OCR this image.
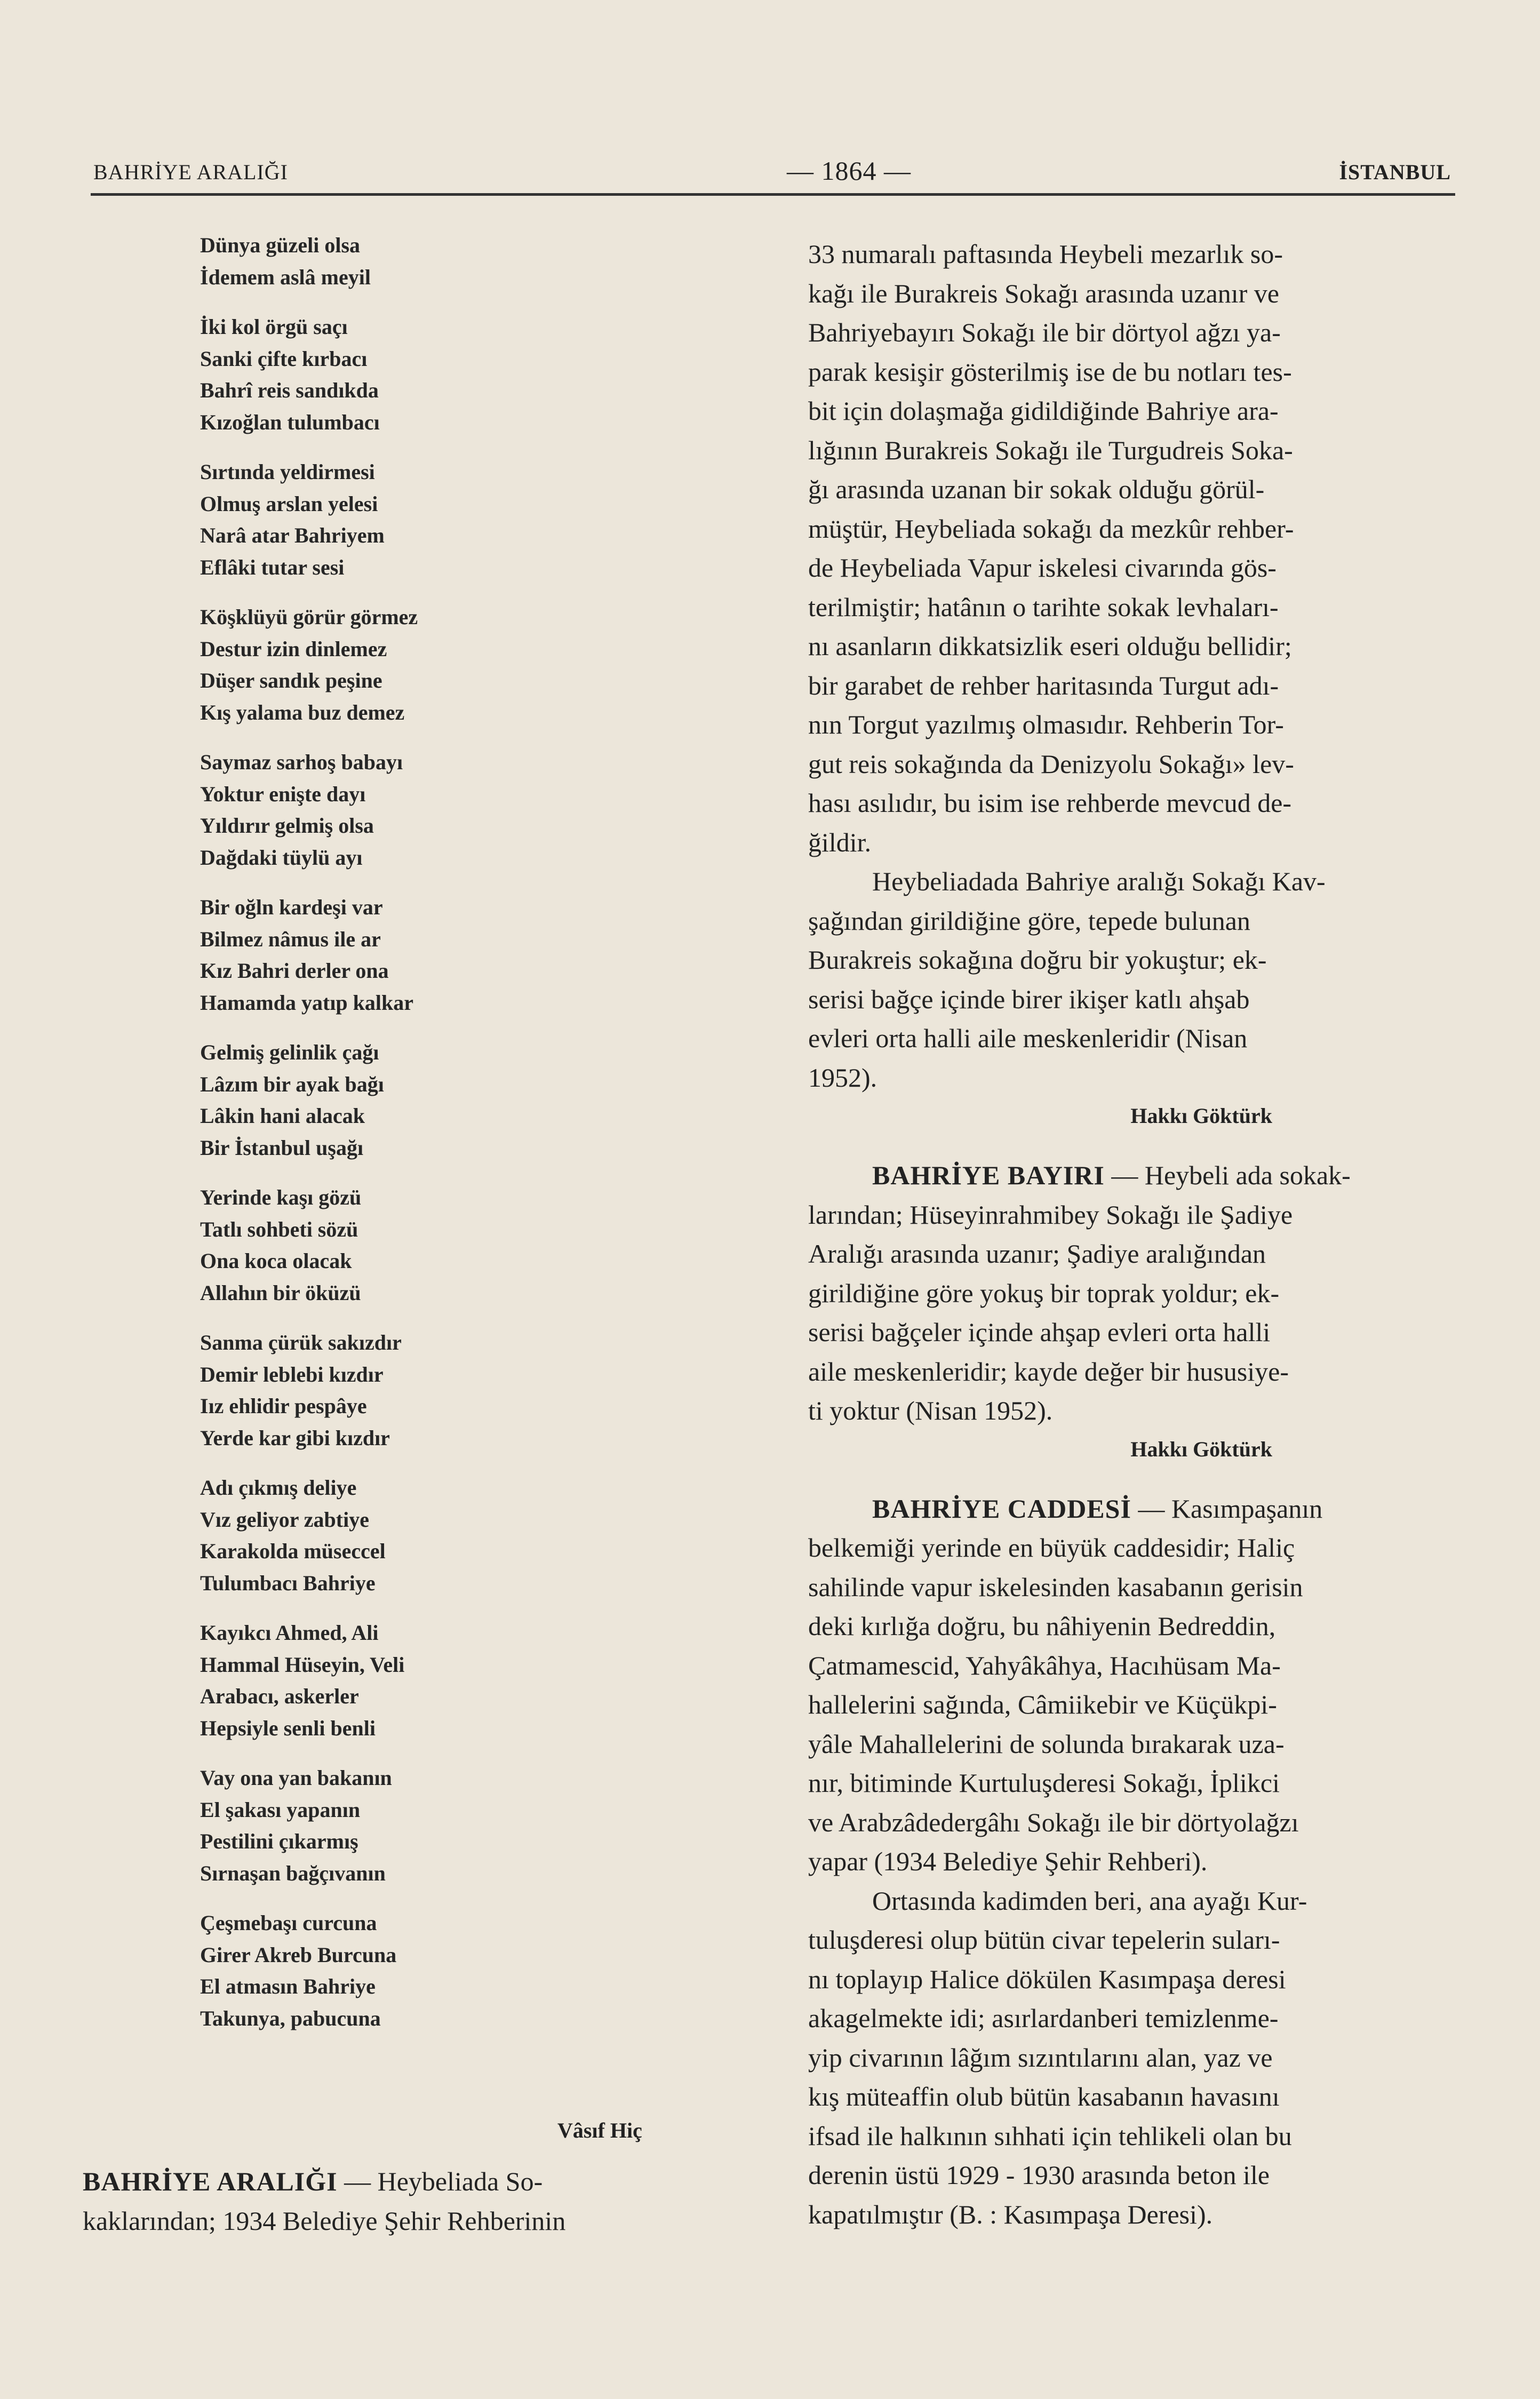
BAHRİYE ARALIĞI	— 1864 —	İSTANBUL
Dünya güzeli olsa
İdemem aslâ meyil
İki kol örgü saçı
Sanki çifte kırbacı
Bahrî reis sandıkda
Kızoğlan tulumbacı
Sırtında yeldirmesi
Olmuş arslan yelesi
Narâ atar Bahriyem
Eflâki tutar sesi
Köşklüyü görür görmez
Destur izin dinlemez
Düşer sandık peşine
Kış yalama buz demez
Saymaz sarhoş babayı
Yoktur enişte dayı
Yıldırır gelmiş olsa
Dağdaki tüylü ayı
Bir oğln kardeşi var
Bilmez nâmus ile ar
Kız Bahri derler ona
Hamamda yatıp kalkar
Gelmiş gelinlik çağı
Lâzım bir ayak bağı
Lâkin hani alacak
Bir İstanbul uşağı
Yerinde kaşı gözü
Tatlı sohbeti sözü
Ona koca olacak
Allahın bir öküzü
Sanma çürük sakızdır
Demir leblebi kızdır
Iız ehlidir pespâye
Yerde kar gibi kızdır
Adı çıkmış deliye
Vız geliyor zabtiye
Karakolda müseccel
Tulumbacı Bahriye
Kayıkcı Ahmed, Ali
Hammal Hüseyin, Veli
Arabacı, askerler
Hepsiyle senli benli
Vay ona yan bakanın
El şakası yapanın
Pestilini çıkarmış
Sırnaşan bağçıvanın
Çeşmebaşı curcuna
Girer Akreb Burcuna
El atmasın Bahriye
Takunya, pabucuna
Vâsıf Hiç
BAHRİYE ARALIĞI — Heybeliada So-
kaklarından; 1934 Belediye Şehir Rehberinin
33 numaralı paftasında Heybeli mezarlık so-
kağı ile Burakreis Sokağı arasında uzanır ve
Bahriyebayırı Sokağı ile bir dörtyol ağzı ya-
parak kesişir gösterilmiş ise de bu notları tes-
bit için dolaşmağa gidildiğinde Bahriye ara-
lığının Burakreis Sokağı ile Turgudreis Soka-
ğı arasında uzanan bir sokak olduğu görül-
müştür, Heybeliada sokağı da mezkûr rehber-
de Heybeliada Vapur iskelesi civarında gös-
terilmiştir; hatânın o tarihte sokak levhaları-
nı asanların dikkatsizlik eseri olduğu bellidir;
bir garabet de rehber haritasında Turgut adı-
nın Torgut yazılmış olmasıdır. Rehberin Tor-
gut reis sokağında da Denizyolu Sokağı» lev-
hası asılıdır, bu isim ise rehberde mevcud de-
ğildir.
Heybeliadada Bahriye aralığı Sokağı Kav-
şağından girildiğine göre, tepede bulunan
Burakreis sokağına doğru bir yokuştur; ek-
serisi bağçe içinde birer ikişer katlı ahşab
evleri orta halli aile meskenleridir (Nisan
1952).
Hakkı Göktürk
BAHRİYE BAYIRI — Heybeli ada sokak-
larından; Hüseyinrahmibey Sokağı ile Şadiye
Aralığı arasında uzanır; Şadiye aralığından
girildiğine göre yokuş bir toprak yoldur; ek-
serisi bağçeler içinde ahşap evleri orta halli
aile meskenleridir; kayde değer bir hususiye-
ti yoktur (Nisan 1952).
Hakkı Göktürk
BAHRİYE CADDESİ — Kasımpaşanın
belkemiği yerinde en büyük caddesidir; Haliç
sahilinde vapur iskelesinden kasabanın gerisin
deki kırlığa doğru, bu nâhiyenin Bedreddin,
Çatmamescid, Yahyâkâhya, Hacıhüsam Ma-
hallelerini sağında, Câmiikebir ve Küçükpi-
yâle Mahallelerini de solunda bırakarak uza-
nır, bitiminde Kurtuluşderesi Sokağı, İplikci
ve Arabzâdedergâhı Sokağı ile bir dörtyolağzı
yapar (1934 Belediye Şehir Rehberi).
Ortasında kadimden beri, ana ayağı Kur-
tuluşderesi olup bütün civar tepelerin suları-
nı toplayıp Halice dökülen Kasımpaşa deresi
akagelmekte idi; asırlardanberi temizlenme-
yip civarının lâğım sızıntılarını alan, yaz ve
kış müteaffin olub bütün kasabanın havasını
ifsad ile halkının sıhhati için tehlikeli olan bu
derenin üstü 1929 - 1930 arasında beton ile
kapatılmıştır (B. : Kasımpaşa Deresi).
